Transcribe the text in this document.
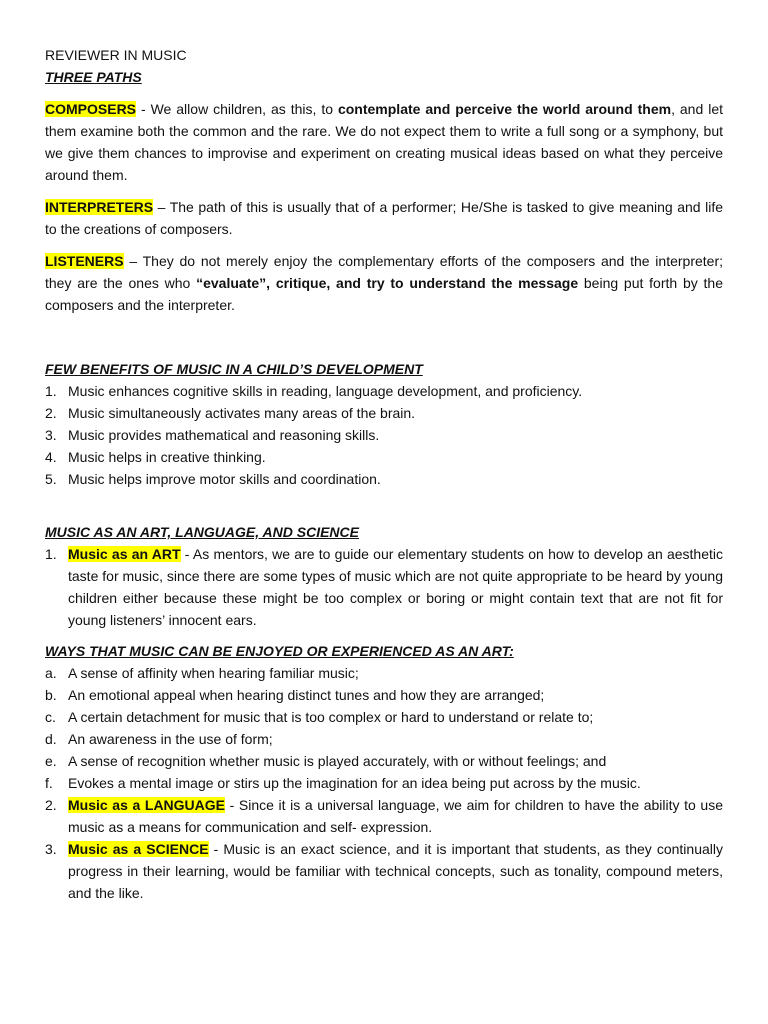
REVIEWER IN MUSIC
THREE PATHS

COMPOSERS - We allow children, as this, to contemplate and perceive the world around them, and let them examine both the common and the rare. We do not expect them to write a full song or a symphony, but we give them chances to improvise and experiment on creating musical ideas based on what they perceive around them.

INTERPRETERS – The path of this is usually that of a performer; He/She is tasked to give meaning and life to the creations of composers.

LISTENERS – They do not merely enjoy the complementary efforts of the composers and the interpreter; they are the ones who “evaluate”, critique, and try to understand the message being put forth by the composers and the interpreter.

FEW BENEFITS OF MUSIC IN A CHILD’S DEVELOPMENT
1. Music enhances cognitive skills in reading, language development, and proficiency.
2. Music simultaneously activates many areas of the brain.
3. Music provides mathematical and reasoning skills.
4. Music helps in creative thinking.
5. Music helps improve motor skills and coordination.
MUSIC AS AN ART, LANGUAGE, AND SCIENCE
1. Music as an ART - As mentors, we are to guide our elementary students on how to develop an aesthetic taste for music, since there are some types of music which are not quite appropriate to be heard by young children either because these might be too complex or boring or might contain text that are not fit for young listeners’ innocent ears.
WAYS THAT MUSIC CAN BE ENJOYED OR EXPERIENCED AS AN ART:
a. A sense of affinity when hearing familiar music;
b. An emotional appeal when hearing distinct tunes and how they are arranged;
c. A certain detachment for music that is too complex or hard to understand or relate to;
d. An awareness in the use of form;
e. A sense of recognition whether music is played accurately, with or without feelings; and
f. Evokes a mental image or stirs up the imagination for an idea being put across by the music.
2. Music as a LANGUAGE - Since it is a universal language, we aim for children to have the ability to use music as a means for communication and self- expression.
3. Music as a SCIENCE - Music is an exact science, and it is important that students, as they continually progress in their learning, would be familiar with technical concepts, such as tonality, compound meters, and the like.
